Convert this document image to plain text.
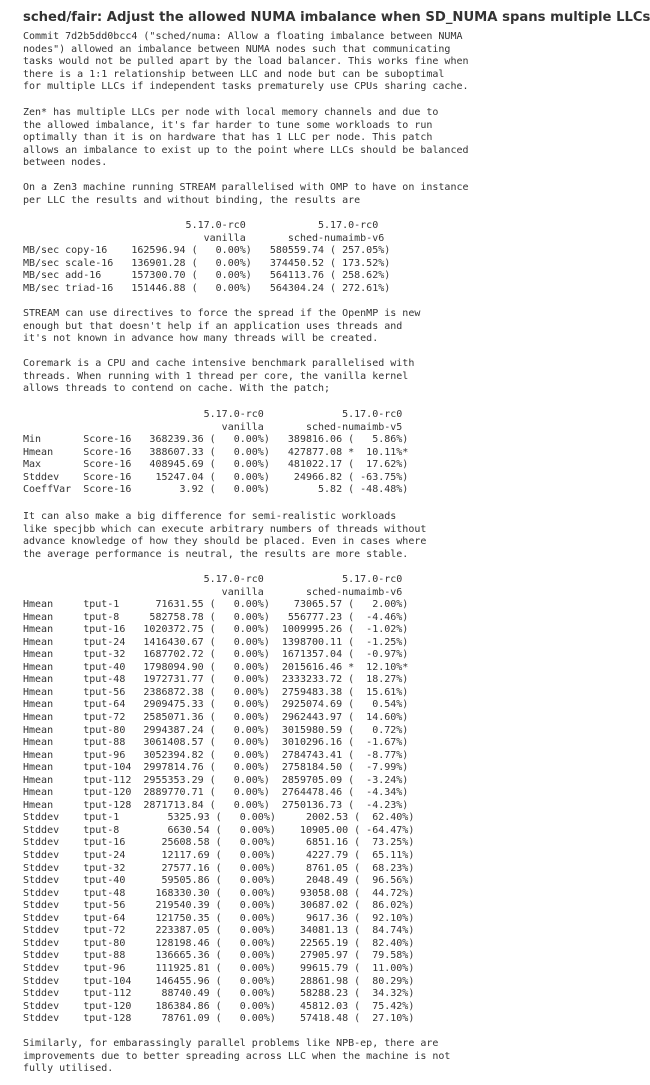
sched/fair: Adjust the allowed NUMA imbalance when SD_NUMA spans multiple LLCs
Commit 7d2b5dd0bcc4 ("sched/numa: Allow a floating imbalance between NUMA
nodes") allowed an imbalance between NUMA nodes such that communicating
tasks would not be pulled apart by the load balancer. This works fine when
there is a 1:1 relationship between LLC and node but can be suboptimal
for multiple LLCs if independent tasks prematurely use CPUs sharing cache.
Zen* has multiple LLCs per node with local memory channels and due to
the allowed imbalance, it's far harder to tune some workloads to run
optimally than it is on hardware that has 1 LLC per node. This patch
allows an imbalance to exist up to the point where LLCs should be balanced
between nodes.
On a Zen3 machine running STREAM parallelised with OMP to have on instance
per LLC the results and without binding, the results are
5.17.0-rc0            5.17.0-rc0
vanilla       sched-numaimb-v6
MB/sec copy-16    162596.94 (   0.00%)   580559.74 ( 257.05%)
MB/sec scale-16   136901.28 (   0.00%)   374450.52 ( 173.52%)
MB/sec add-16     157300.70 (   0.00%)   564113.76 ( 258.62%)
MB/sec triad-16   151446.88 (   0.00%)   564304.24 ( 272.61%)
STREAM can use directives to force the spread if the OpenMP is new
enough but that doesn't help if an application uses threads and
it's not known in advance how many threads will be created.
Coremark is a CPU and cache intensive benchmark parallelised with
threads. When running with 1 thread per core, the vanilla kernel
allows threads to contend on cache. With the patch;
5.17.0-rc0             5.17.0-rc0
vanilla       sched-numaimb-v5
Min       Score-16   368239.36 (   0.00%)   389816.06 (   5.86%)
Hmean     Score-16   388607.33 (   0.00%)   427877.08 *  10.11%*
Max       Score-16   408945.69 (   0.00%)   481022.17 (  17.62%)
Stddev    Score-16    15247.04 (   0.00%)    24966.82 ( -63.75%)
CoeffVar  Score-16        3.92 (   0.00%)        5.82 ( -48.48%)
It can also make a big difference for semi-realistic workloads
like specjbb which can execute arbitrary numbers of threads without
advance knowledge of how they should be placed. Even in cases where
the average performance is neutral, the results are more stable.
5.17.0-rc0             5.17.0-rc0
vanilla       sched-numaimb-v6
Hmean     tput-1      71631.55 (   0.00%)    73065.57 (   2.00%)
Hmean     tput-8     582758.78 (   0.00%)   556777.23 (  -4.46%)
Hmean     tput-16   1020372.75 (   0.00%)  1009995.26 (  -1.02%)
Hmean     tput-24   1416430.67 (   0.00%)  1398700.11 (  -1.25%)
Hmean     tput-32   1687702.72 (   0.00%)  1671357.04 (  -0.97%)
Hmean     tput-40   1798094.90 (   0.00%)  2015616.46 *  12.10%*
Hmean     tput-48   1972731.77 (   0.00%)  2333233.72 (  18.27%)
Hmean     tput-56   2386872.38 (   0.00%)  2759483.38 (  15.61%)
Hmean     tput-64   2909475.33 (   0.00%)  2925074.69 (   0.54%)
Hmean     tput-72   2585071.36 (   0.00%)  2962443.97 (  14.60%)
Hmean     tput-80   2994387.24 (   0.00%)  3015980.59 (   0.72%)
Hmean     tput-88   3061408.57 (   0.00%)  3010296.16 (  -1.67%)
Hmean     tput-96   3052394.82 (   0.00%)  2784743.41 (  -8.77%)
Hmean     tput-104  2997814.76 (   0.00%)  2758184.50 (  -7.99%)
Hmean     tput-112  2955353.29 (   0.00%)  2859705.09 (  -3.24%)
Hmean     tput-120  2889770.71 (   0.00%)  2764478.46 (  -4.34%)
Hmean     tput-128  2871713.84 (   0.00%)  2750136.73 (  -4.23%)
Stddev    tput-1        5325.93 (   0.00%)     2002.53 (  62.40%)
Stddev    tput-8        6630.54 (   0.00%)    10905.00 ( -64.47%)
Stddev    tput-16      25608.58 (   0.00%)     6851.16 (  73.25%)
Stddev    tput-24      12117.69 (   0.00%)     4227.79 (  65.11%)
Stddev    tput-32      27577.16 (   0.00%)     8761.05 (  68.23%)
Stddev    tput-40      59505.86 (   0.00%)     2048.49 (  96.56%)
Stddev    tput-48     168330.30 (   0.00%)    93058.08 (  44.72%)
Stddev    tput-56     219540.39 (   0.00%)    30687.02 (  86.02%)
Stddev    tput-64     121750.35 (   0.00%)     9617.36 (  92.10%)
Stddev    tput-72     223387.05 (   0.00%)    34081.13 (  84.74%)
Stddev    tput-80     128198.46 (   0.00%)    22565.19 (  82.40%)
Stddev    tput-88     136665.36 (   0.00%)    27905.97 (  79.58%)
Stddev    tput-96     111925.81 (   0.00%)    99615.79 (  11.00%)
Stddev    tput-104    146455.96 (   0.00%)    28861.98 (  80.29%)
Stddev    tput-112     88740.49 (   0.00%)    58288.23 (  34.32%)
Stddev    tput-120    186384.86 (   0.00%)    45812.03 (  75.42%)
Stddev    tput-128     78761.09 (   0.00%)    57418.48 (  27.10%)
Similarly, for embarassingly parallel problems like NPB-ep, there are
improvements due to better spreading across LLC when the machine is not
fully utilised.
